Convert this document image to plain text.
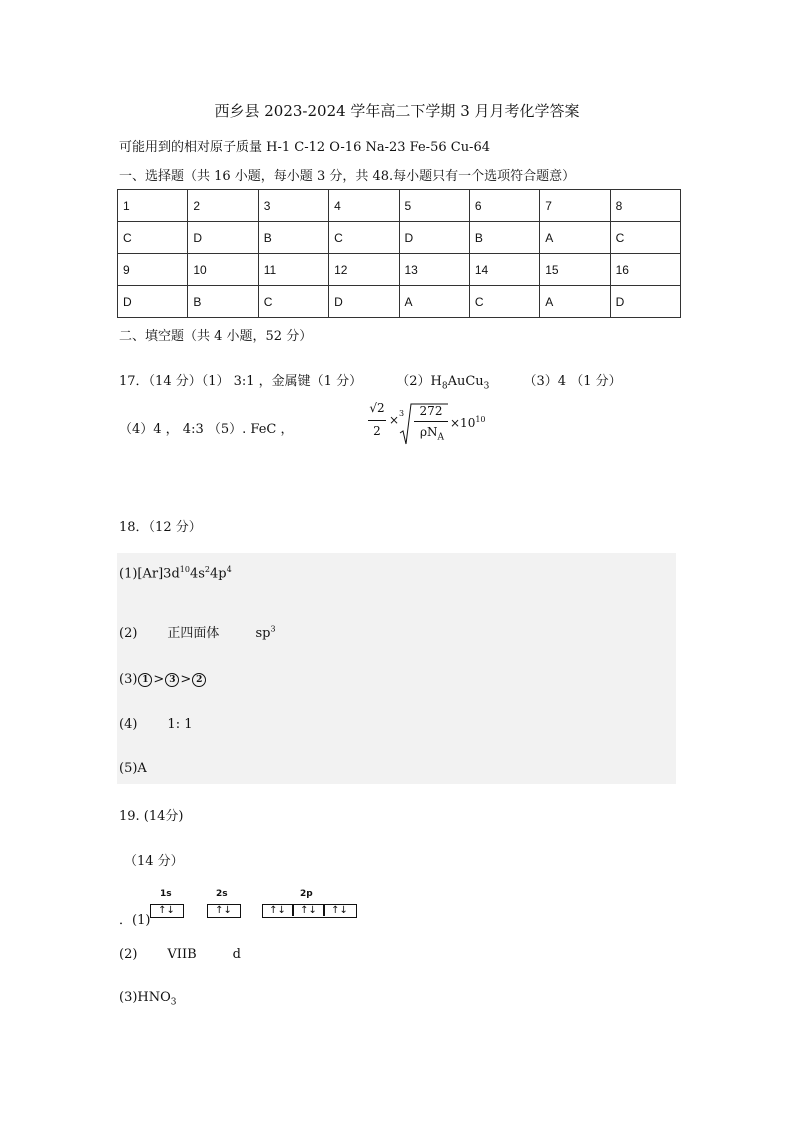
西乡县 2023-2024 学年高二下学期 3 月月考化学答案
可能用到的相对原子质量 H-1 C-12 O-16 Na-23 Fe-56 Cu-64
一、选择题（共 16 小题，每小题 3 分，共 48.每小题只有一个选项符合题意）
1	2	3	4	5	6	7	8
C	D	B	C	D	B	A	C
9	10	11	12	13	14	15	16
D	B	C	D	A	C	A	D
二、填空题（共 4 小题，52 分）
17．（14 分）（1） 3:1 ，金属键（1 分）	$(2)H_8AuCu_3$	（3）4 （1 分）
（4）4 ， 4:3 （5）. FeC ，
√2
2
× 3 272
$\rho N_A$
$\times 10^{10}$
18．（12 分）
$(1)[Ar]3d^{10}4s^24p^4$
(2) 正四面体	$sp^3$
(3) 1 > 3 > 2
(4) 1: 1
(5)A
19. (14分)
（14 分）
1s	2s	2p
．(1)
↑↓	↑↓	↑↓ ↑↓ ↑↓
(2) VIIB	d
$(3)HNO_3$
